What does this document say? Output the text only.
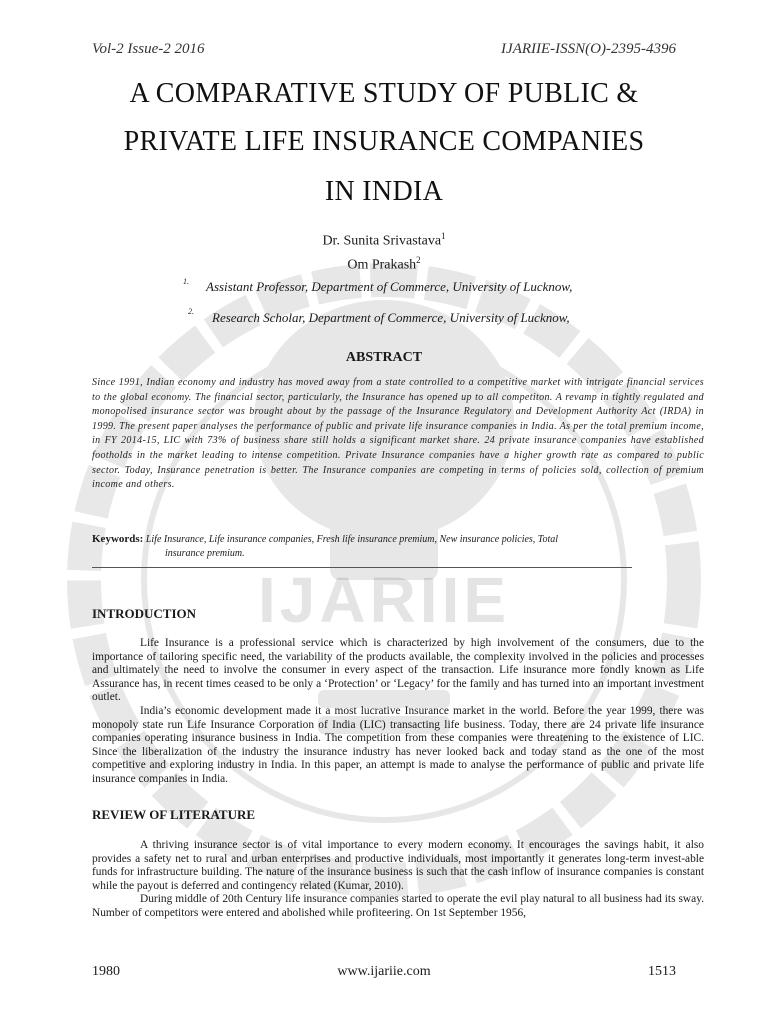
IJARIIE
Vol-2 Issue-2 2016	IJARIIE-ISSN(O)-2395-4396
A COMPARATIVE STUDY OF PUBLIC &
PRIVATE LIFE INSURANCE COMPANIES
IN INDIA
Dr. Sunita Srivastava$^1$
Om Prakash$^2$
1. Assistant Professor, Department of Commerce, University of Lucknow,
2. Research Scholar, Department of Commerce, University of Lucknow,
ABSTRACT
Since 1991, Indian economy and industry has moved away from a state controlled to a competitive market with intrigate financial services to the global economy. The financial sector, particularly, the Insurance has opened up to all competiton. A revamp in tightly regulated and monopolised insurance sector was brought about by the passage of the Insurance Regulatory and Development Authority Act (IRDA) in 1999. The present paper analyses the performance of public and private life insurance companies in India. As per the total premium income, in FY 2014-15, LIC with 73% of business share still holds a significant market share. 24 private insurance companies have established footholds in the market leading to intense competition. Private Insurance companies have a higher growth rate as compared to public sector. Today, Insurance penetration is better. The Insurance companies are competing in terms of policies sold, collection of premium income and others.
Keywords: Life Insurance, Life insurance companies, Fresh life insurance premium, New insurance policies, Total
insurance premium.
INTRODUCTION

Life Insurance is a professional service which is characterized by high involvement of the consumers, due to the importance of tailoring specific need, the variability of the products available, the complexity involved in the policies and processes and ultimately the need to involve the consumer in every aspect of the transaction. Life insurance more fondly known as Life Assurance has, in recent times ceased to be only a ‘Protection’ or ‘Legacy’ for the family and has turned into an important investment outlet.

India’s economic development made it a most lucrative Insurance market in the world. Before the year 1999, there was monopoly state run Life Insurance Corporation of India (LIC) transacting life business. Today, there are 24 private life insurance companies operating insurance business in India. The competition from these companies were threatening to the existence of LIC. Since the liberalization of the industry the insurance industry has never looked back and today stand as the one of the most competitive and exploring industry in India. In this paper, an attempt is made to analyse the performance of public and private life insurance companies in India.

REVIEW OF LITERATURE

A thriving insurance sector is of vital importance to every modern economy. It encourages the savings habit, it also provides a safety net to rural and urban enterprises and productive individuals, most importantly it generates long-term invest-able funds for infrastructure building. The nature of the insurance business is such that the cash inflow of insurance companies is constant while the payout is deferred and contingency related (Kumar, 2010).

During middle of 20th Century life insurance companies started to operate the evil play natural to all business had its sway. Number of competitors were entered and abolished while profiteering. On 1st September 1956,

1980	www.ijariie.com	1513
